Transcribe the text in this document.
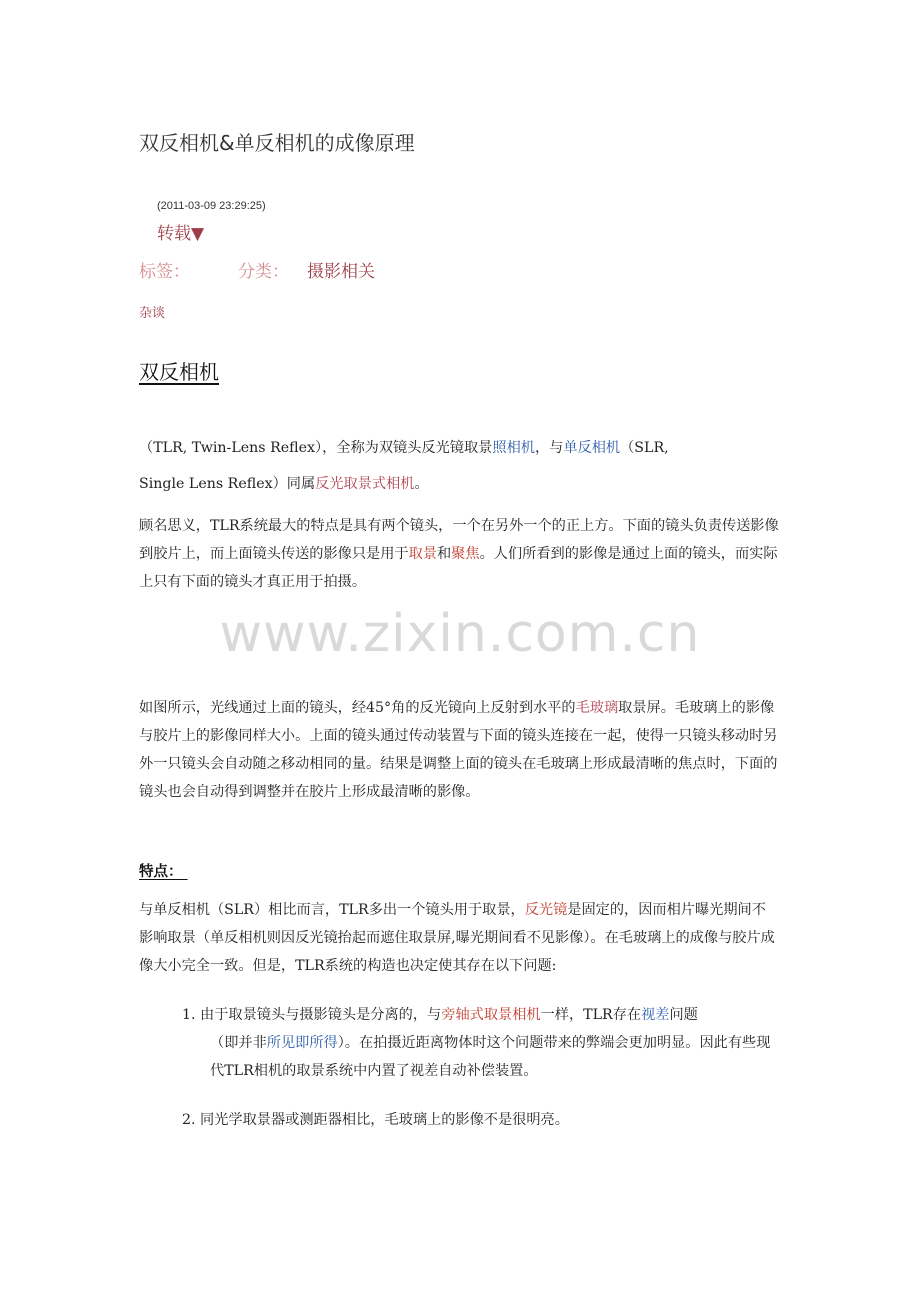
双反相机&单反相机的成像原理
(2011-03-09 23:29:25)
转载▼
标签：	分类： 摄影相关
杂谈
双反相机
（TLR, Twin-Lens Reflex），全称为双镜头反光镜取景照相机，与单反相机（SLR,
Single Lens Reflex）同属反光取景式相机。
顾名思义，TLR系统最大的特点是具有两个镜头，一个在另外一个的正上方。下面的镜头负责传送影像到胶片上，而上面镜头传送的影像只是用于取景和聚焦。人们所看到的影像是通过上面的镜头，而实际上只有下面的镜头才真正用于拍摄。
www.zixin.com.cn
如图所示，光线通过上面的镜头，经45°角的反光镜向上反射到水平的毛玻璃取景屏。毛玻璃上的影像与胶片上的影像同样大小。上面的镜头通过传动装置与下面的镜头连接在一起，使得一只镜头移动时另外一只镜头会自动随之移动相同的量。结果是调整上面的镜头在毛玻璃上形成最清晰的焦点时，下面的镜头也会自动得到调整并在胶片上形成最清晰的影像。
特点：
与单反相机（SLR）相比而言，TLR多出一个镜头用于取景，反光镜是固定的，因而相片曝光期间不影响取景（单反相机则因反光镜抬起而遮住取景屏,曝光期间看不见影像）。在毛玻璃上的成像与胶片成像大小完全一致。但是，TLR系统的构造也决定使其存在以下问题:
1. 由于取景镜头与摄影镜头是分离的，与旁轴式取景相机一样，TLR存在视差问题
（即并非所见即所得）。在拍摄近距离物体时这个问题带来的弊端会更加明显。因此有些现代TLR相机的取景系统中内置了视差自动补偿装置。
2. 同光学取景器或测距器相比，毛玻璃上的影像不是很明亮。
